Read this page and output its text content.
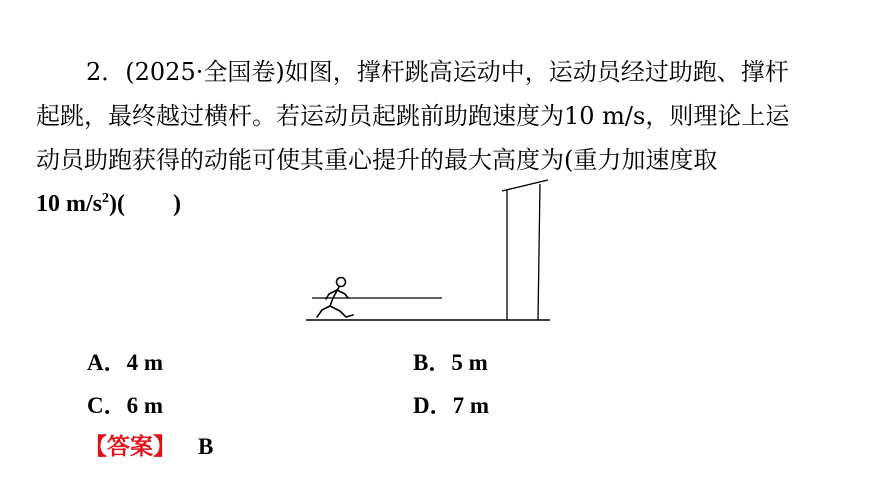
2．(2025·全国卷)如图，撑杆跳高运动中，运动员经过助跑、撑杆
起跳，最终越过横杆。若运动员起跳前助跑速度为10 m/s，则理论上运
动员助跑获得的动能可使其重心提升的最大高度为(重力加速度取
10 $m/s^2$)(　　)
A．4 m	B．5 m
C．6 m	D．7 m
【答案】 B
